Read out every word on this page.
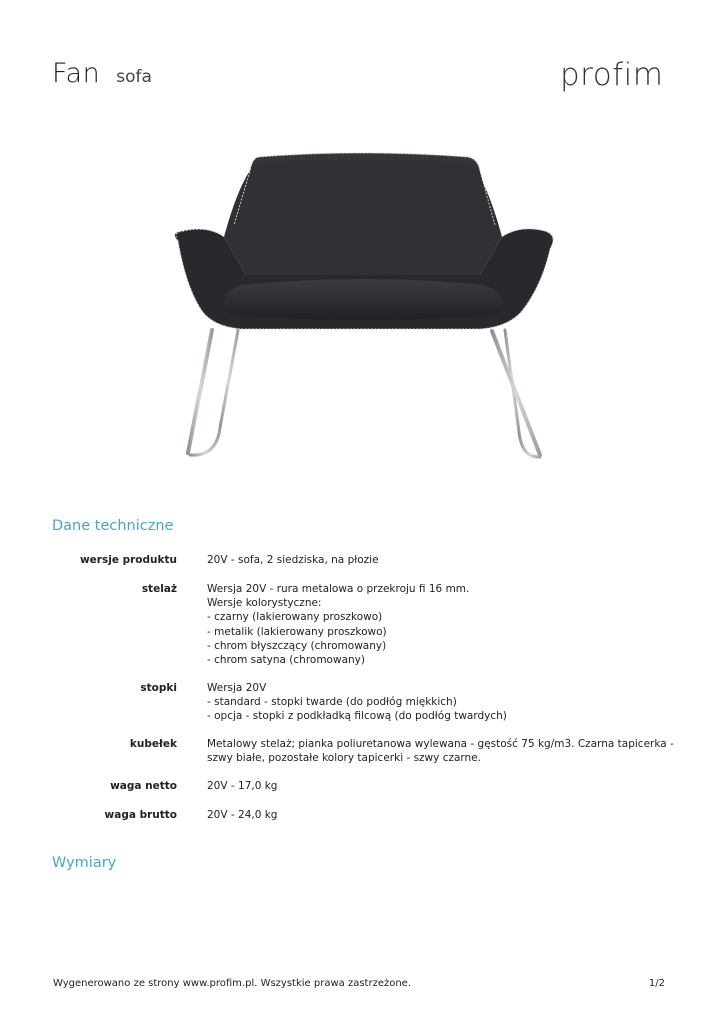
Fan sofa	profim
Dane techniczne
wersje produktu	20V - sofa, 2 siedziska, na płozie
stelaż	Wersja 20V - rura metalowa o przekroju fi 16 mm.
Wersje kolorystyczne:
- czarny (lakierowany proszkowo)
- metalik (lakierowany proszkowo)
- chrom błyszczący (chromowany)
- chrom satyna (chromowany)
stopki	Wersja 20V
- standard - stopki twarde (do podłóg miękkich)
- opcja - stopki z podkładką filcową (do podłóg twardych)
kubełek	Metalowy stelaż; pianka poliuretanowa wylewana - gęstość 75 kg/m3. Czarna tapicerka -
szwy białe, pozostałe kolory tapicerki - szwy czarne.
waga netto	20V - 17,0 kg
waga brutto	20V - 24,0 kg
Wymiary
Wygenerowano ze strony www.profim.pl. Wszystkie prawa zastrzeżone.	1/2
